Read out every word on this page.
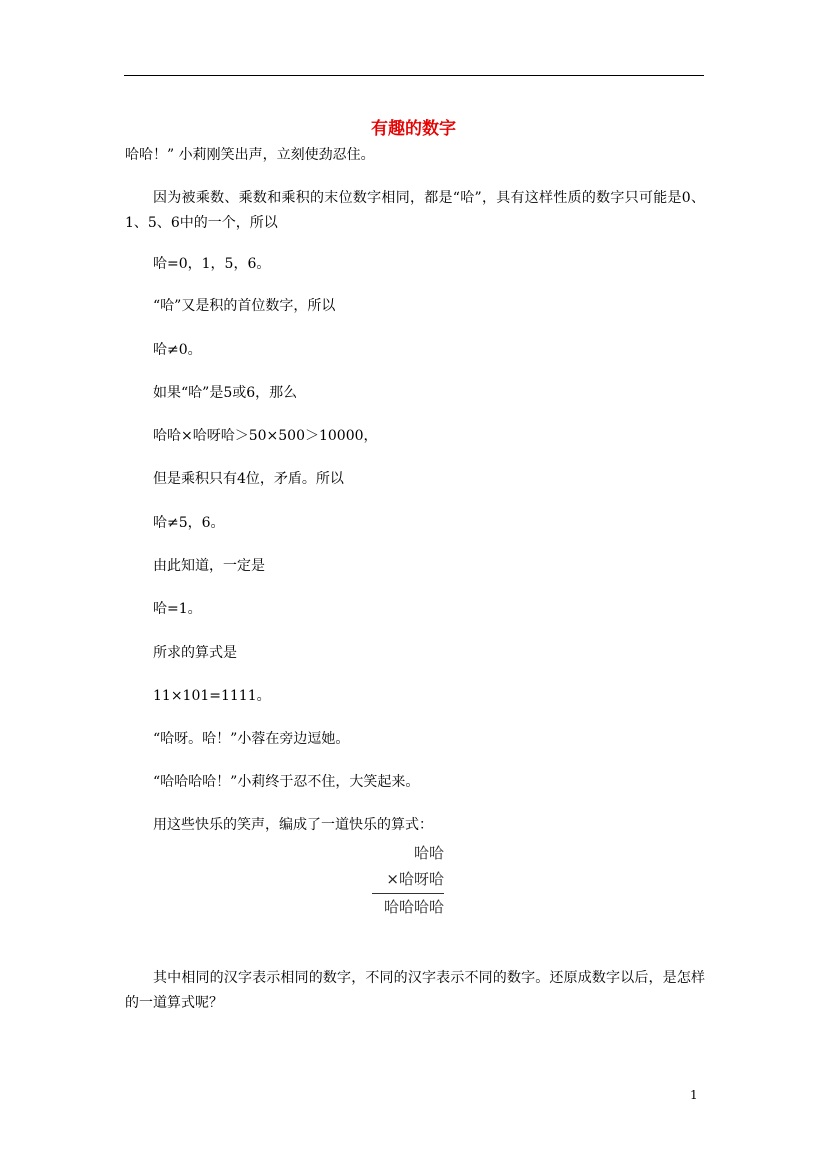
有趣的数字
哈哈！” 小莉刚笑出声，立刻使劲忍住。
因为被乘数、乘数和乘积的末位数字相同，都是“哈”，具有这样性质的数字只可能是0、1、5、6中的一个，所以
哈=0，1，5，6。
“哈”又是积的首位数字，所以
哈≠0。
如果“哈”是5或6，那么
哈哈×哈呀哈＞50×500＞10000，
但是乘积只有4位，矛盾。所以
哈≠5，6。
由此知道，一定是
哈=1。
所求的算式是
11×101=1111。
“哈呀。哈！”小蓉在旁边逗她。
“哈哈哈哈！”小莉终于忍不住，大笑起来。
用这些快乐的笑声，编成了一道快乐的算式：
哈哈
×哈呀哈
哈哈哈哈
其中相同的汉字表示相同的数字，不同的汉字表示不同的数字。还原成数字以后，是怎样的一道算式呢？
1
